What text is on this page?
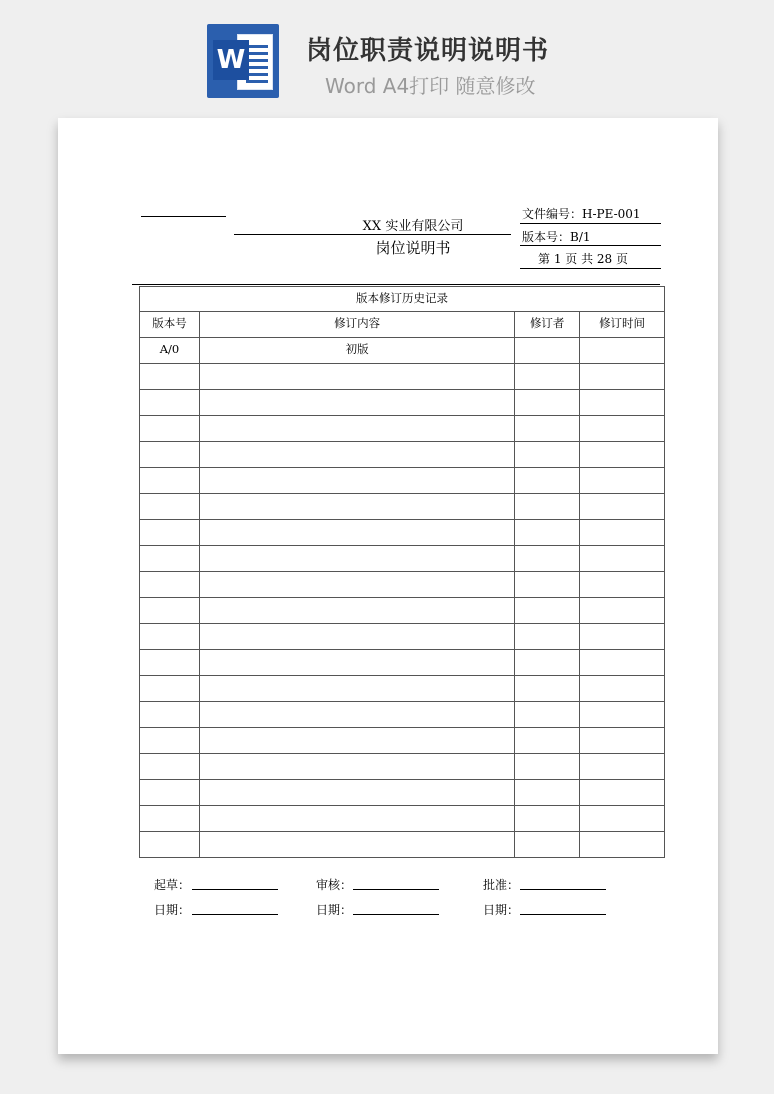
W 岗位职责说明说明书
Word A4打印 随意修改
XX 实业有限公司
岗位说明书
文件编号：H-PE-001
版本号：B/1
第 1 页 共 28 页
版本修订历史记录			
版本号	修订内容	修订者	修订时间
A/0	初版		

起草：	审核：	批准：
日期：	日期：	日期：
